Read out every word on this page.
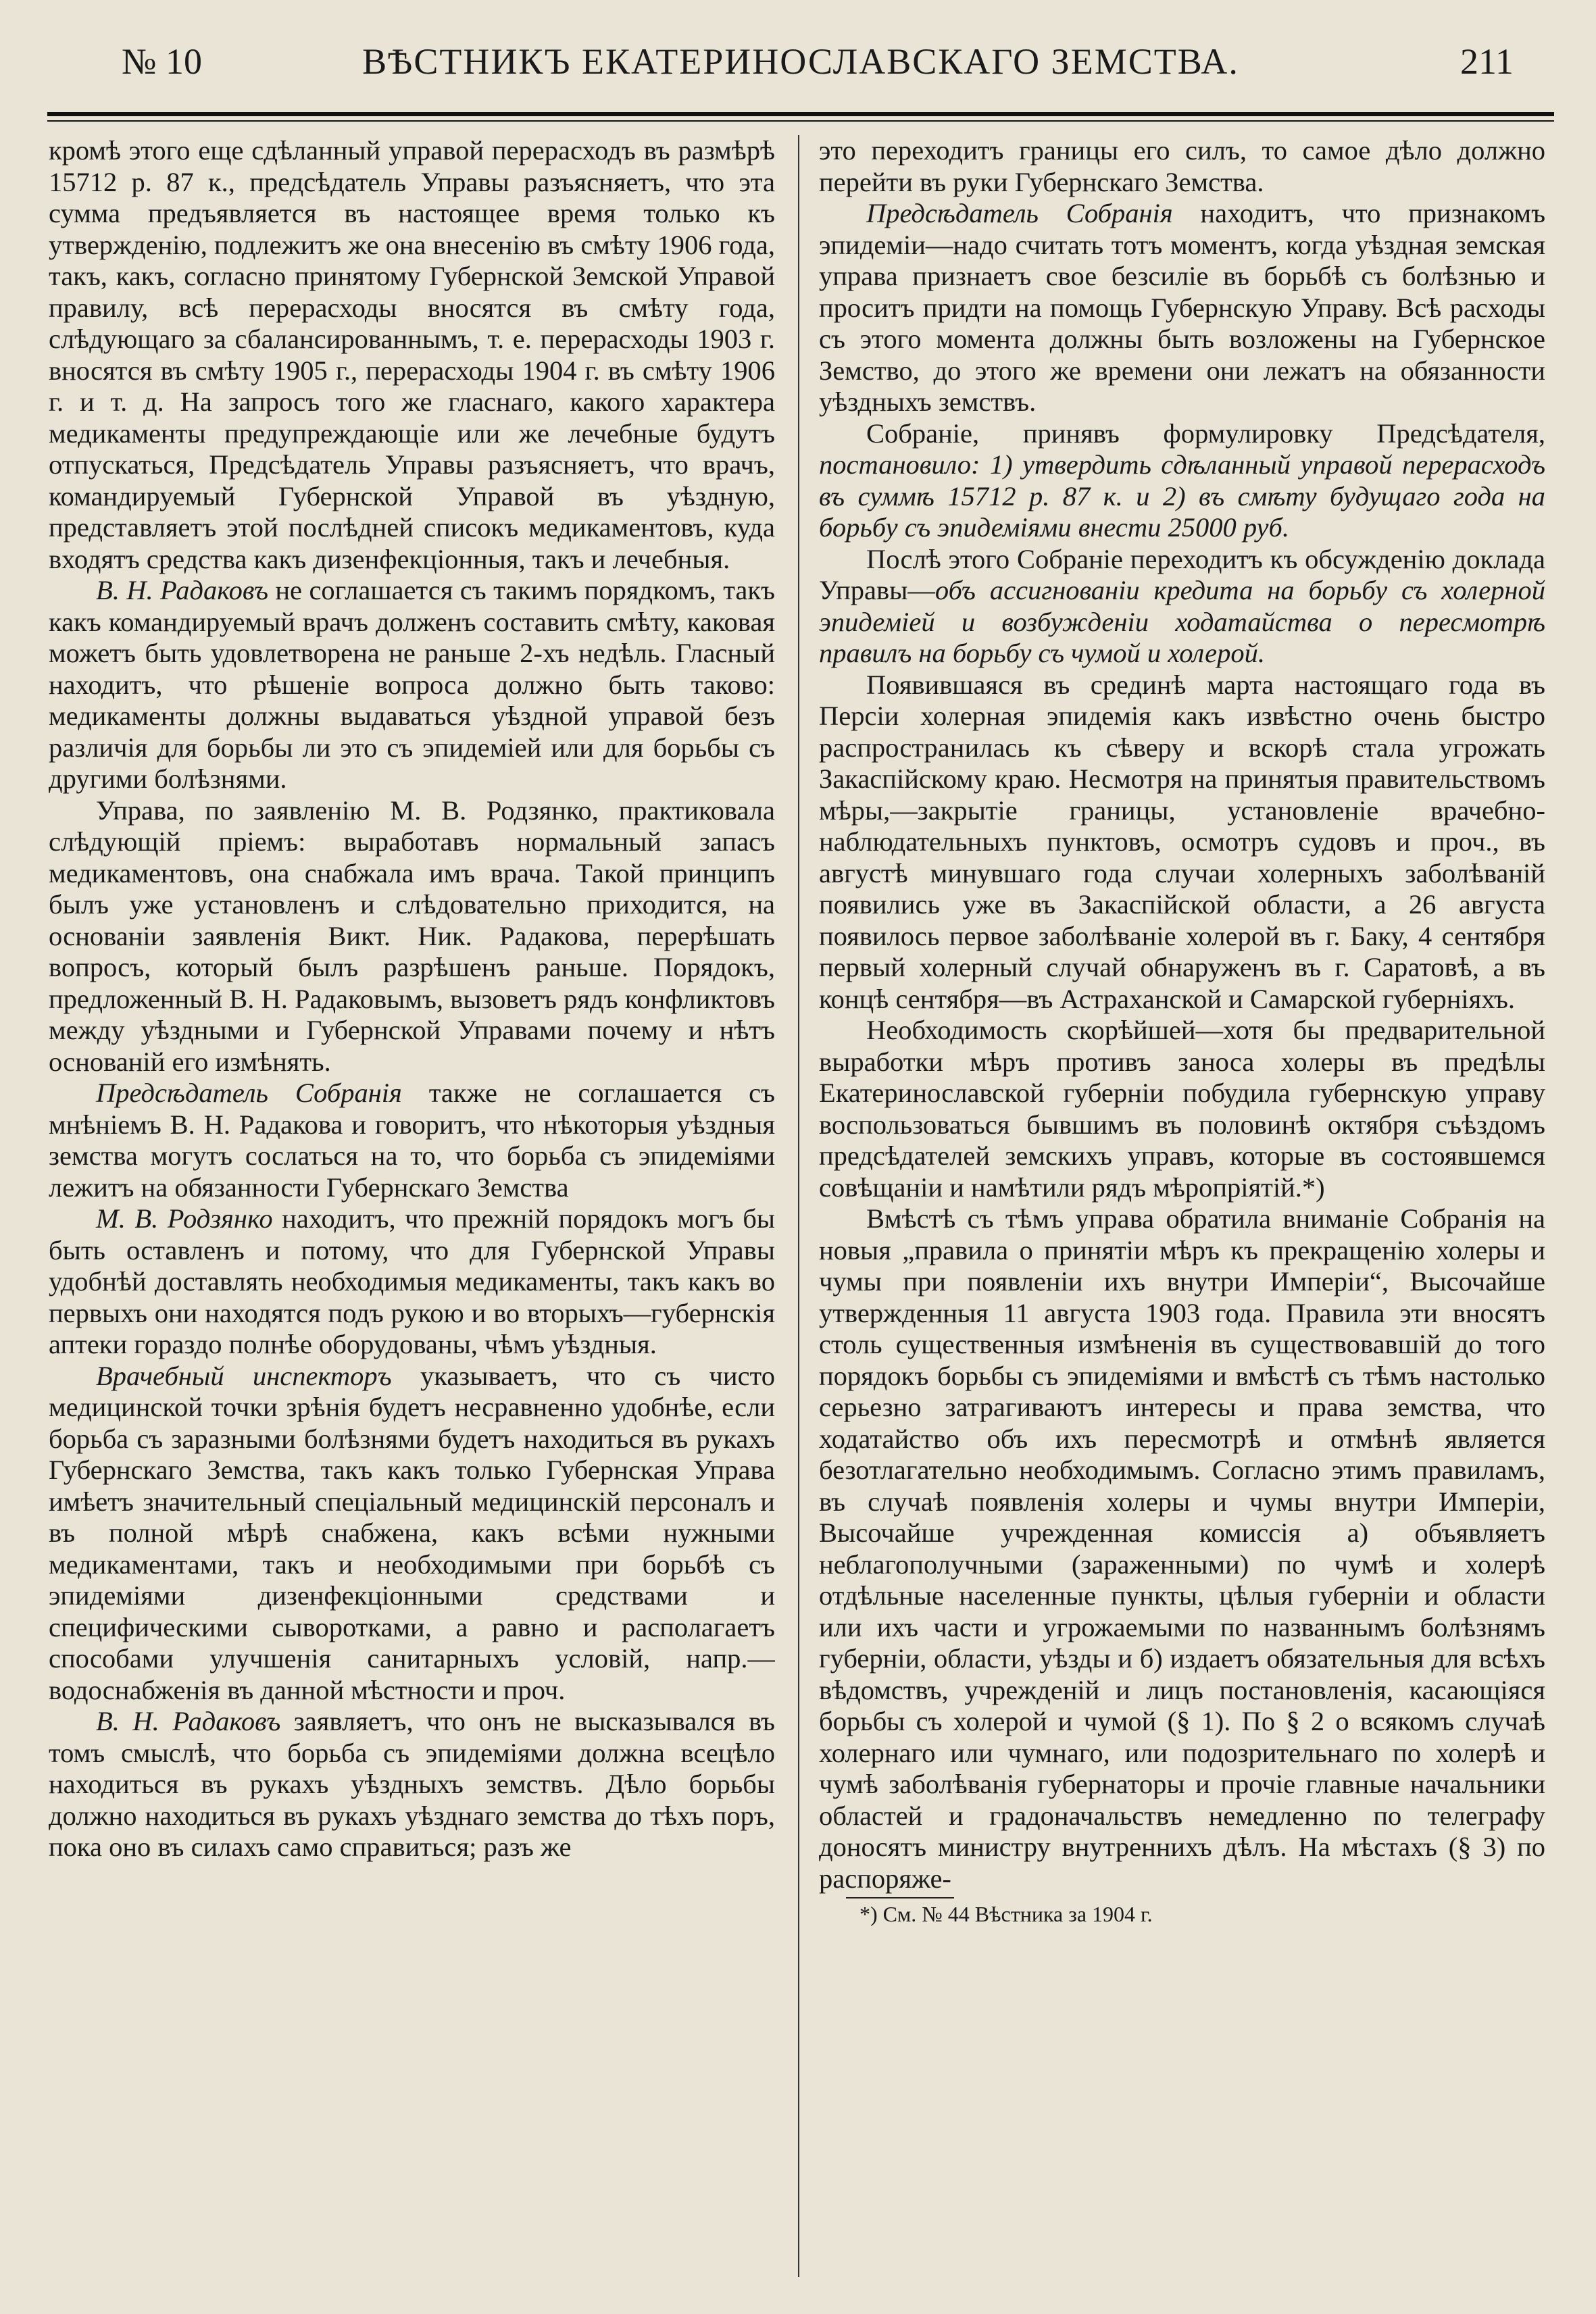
№ 10	ВѢСТНИКЪ ЕКАТЕРИНОСЛАВСКАГО ЗЕМСТВА.	211

кромѣ этого еще сдѣланный управой перерасходъ въ размѣрѣ 15712 р. 87 к., предсѣдатель Управы разъясняетъ, что эта сумма предъявляется въ настоящее время только къ утвержденію, подлежитъ же она внесенію въ смѣту 1906 года, такъ, какъ, согласно принятому Губернской Земской Управой правилу, всѣ перерасходы вносятся въ смѣту года, слѣдующаго за сбалансированнымъ, т. е. перерасходы 1903 г. вносятся въ смѣту 1905 г., перерасходы 1904 г. въ смѣту 1906 г. и т. д. На запросъ того же гласнаго, какого характера медикаменты предупреждающіе или же лечебные будутъ отпускаться, Предсѣдатель Управы разъясняетъ, что врачъ, командируемый Губернской Управой въ уѣздную, представляетъ этой послѣдней списокъ медикаментовъ, куда входятъ средства какъ дизенфекціонныя, такъ и лечебныя.

В. Н. Радаковъ не соглашается съ такимъ порядкомъ, такъ какъ командируемый врачъ долженъ составить смѣту, каковая можетъ быть удовлетворена не раньше 2-хъ недѣль. Гласный находитъ, что рѣшеніе вопроса должно быть таково: медикаменты должны выдаваться уѣздной управой безъ различія для борьбы ли это съ эпидеміей или для борьбы съ другими болѣзнями.

Управа, по заявленію М. В. Родзянко, практиковала слѣдующій пріемъ: выработавъ нормальный запасъ медикаментовъ, она снабжала имъ врача. Такой принципъ былъ уже установленъ и слѣдовательно приходится, на основаніи заявленія Викт. Ник. Радакова, перерѣшать вопросъ, который былъ разрѣшенъ раньше. Порядокъ, предложенный В. Н. Радаковымъ, вызоветъ рядъ конфликтовъ между уѣздными и Губернской Управами почему и нѣтъ основаній его измѣнять.

Предсѣдатель Собранія также не соглашается съ мнѣніемъ В. Н. Радакова и говоритъ, что нѣкоторыя уѣздныя земства могутъ сослаться на то, что борьба съ эпидеміями лежитъ на обязанности Губернскаго Земства

М. В. Родзянко находитъ, что прежній порядокъ могъ бы быть оставленъ и потому, что для Губернской Управы удобнѣй доставлять необходимыя медикаменты, такъ какъ во первыхъ они находятся подъ рукою и во вторыхъ—губернскія аптеки гораздо полнѣе оборудованы, чѣмъ уѣздныя.

Врачебный инспекторъ указываетъ, что съ чисто медицинской точки зрѣнія будетъ несравненно удобнѣе, если борьба съ заразными болѣзнями будетъ находиться въ рукахъ Губернскаго Земства, такъ какъ только Губернская Управа имѣетъ значительный спеціальный медицинскій персоналъ и въ полной мѣрѣ снабжена, какъ всѣми нужными медикаментами, такъ и необходимыми при борьбѣ съ эпидеміями дизенфекціонными средствами и специфическими сыворотками, а равно и располагаетъ способами улучшенія санитарныхъ условій, напр.—водоснабженія въ данной мѣстности и проч.

В. Н. Радаковъ заявляетъ, что онъ не высказывался въ томъ смыслѣ, что борьба съ эпидеміями должна всецѣло находиться въ рукахъ уѣздныхъ земствъ. Дѣло борьбы должно находиться въ рукахъ уѣзднаго земства до тѣхъ поръ, пока оно въ силахъ само справиться; разъ же

это переходитъ границы его силъ, то самое дѣло должно перейти въ руки Губернскаго Земства.

Предсѣдатель Собранія находитъ, что признакомъ эпидеміи—надо считать тотъ моментъ, когда уѣздная земская управа признаетъ свое безсиліе въ борьбѣ съ болѣзнью и проситъ придти на помощь Губернскую Управу. Всѣ расходы съ этого момента должны быть возложены на Губернское Земство, до этого же времени они лежатъ на обязанности уѣздныхъ земствъ.

Собраніе, принявъ формулировку Предсѣдателя, постановило: 1) утвердить сдѣланный управой перерасходъ въ суммѣ 15712 р. 87 к. и 2) въ смѣту будущаго года на борьбу съ эпидеміями внести 25000 руб.

Послѣ этого Собраніе переходитъ къ обсужденію доклада Управы—объ ассигнованіи кредита на борьбу съ холерной эпидеміей и возбужденіи ходатайства о пересмотрѣ правилъ на борьбу съ чумой и холерой.

Появившаяся въ срединѣ марта настоящаго года въ Персіи холерная эпидемія какъ извѣстно очень быстро распространилась къ сѣверу и вскорѣ стала угрожать Закаспійскому краю. Несмотря на принятыя правительствомъ мѣры,—закрытіе границы, установленіе врачебно-наблюдательныхъ пунктовъ, осмотръ судовъ и проч., въ августѣ минувшаго года случаи холерныхъ заболѣваній появились уже въ Закаспійской области, а 26 августа появилось первое заболѣваніе холерой въ г. Баку, 4 сентября первый холерный случай обнаруженъ въ г. Саратовѣ, а въ концѣ сентября—въ Астраханской и Самарской губерніяхъ.

Необходимость скорѣйшей—хотя бы предварительной выработки мѣръ противъ заноса холеры въ предѣлы Екатеринославской губерніи побудила губернскую управу воспользоваться бывшимъ въ половинѣ октября съѣздомъ предсѣдателей земскихъ управъ, которые въ состоявшемся совѣщаніи и намѣтили рядъ мѣропріятій.*)

Вмѣстѣ съ тѣмъ управа обратила вниманіе Собранія на новыя „правила о принятіи мѣръ къ прекращенію холеры и чумы при появленіи ихъ внутри Имперіи“, Высочайше утвержденныя 11 августа 1903 года. Правила эти вносятъ столь существенныя измѣненія въ существовавшій до того порядокъ борьбы съ эпидеміями и вмѣстѣ съ тѣмъ настолько серьезно затрагиваютъ интересы и права земства, что ходатайство объ ихъ пересмотрѣ и отмѣнѣ является безотлагательно необходимымъ. Согласно этимъ правиламъ, въ случаѣ появленія холеры и чумы внутри Имперіи, Высочайше учрежденная комиссія а) объявляетъ неблагополучными (зараженными) по чумѣ и холерѣ отдѣльные населенные пункты, цѣлыя губерніи и области или ихъ части и угрожаемыми по названнымъ болѣзнямъ губерніи, области, уѣзды и б) издаетъ обязательныя для всѣхъ вѣдомствъ, учрежденій и лицъ постановленія, касающіяся борьбы съ холерой и чумой (§ 1). По § 2 о всякомъ случаѣ холернаго или чумнаго, или подозрительнаго по холерѣ и чумѣ заболѣванія губернаторы и прочіе главные начальники областей и градоначальствъ немедленно по телеграфу доносятъ министру внутреннихъ дѣлъ. На мѣстахъ (§ 3) по распоряже-

*) См. № 44 Вѣстника за 1904 г.
